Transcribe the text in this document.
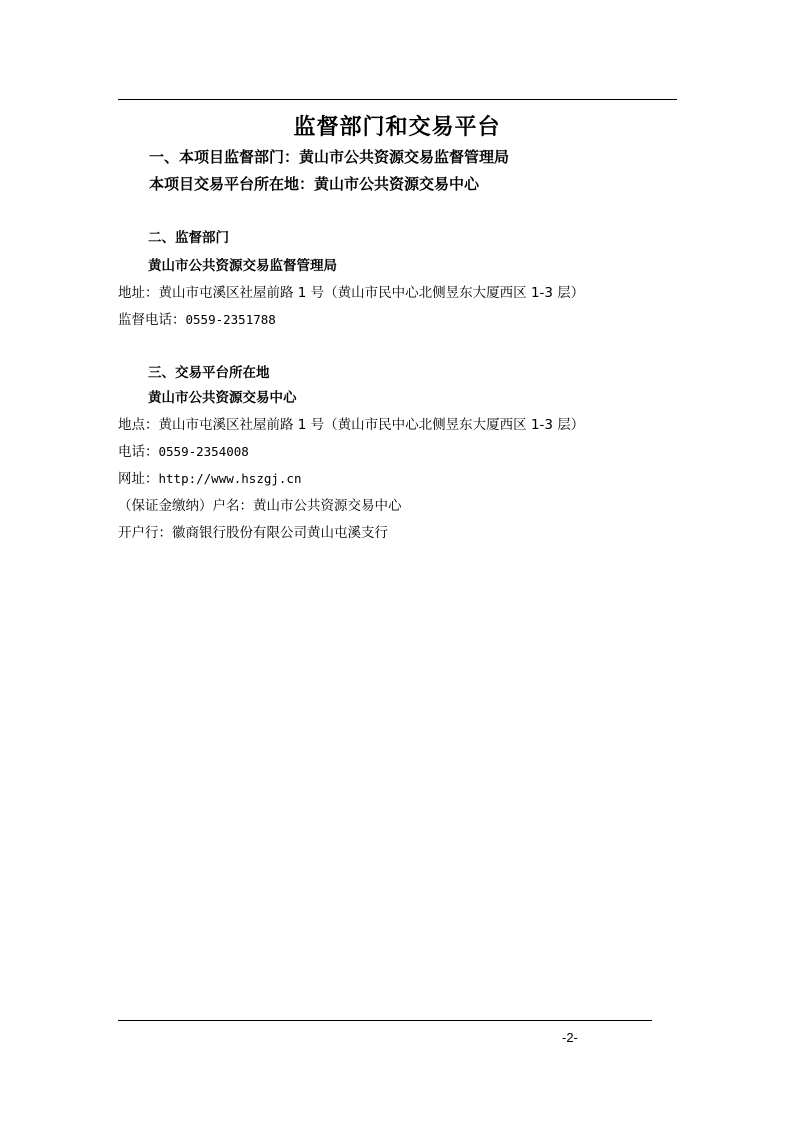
监督部门和交易平台
一、本项目监督部门：黄山市公共资源交易监督管理局
本项目交易平台所在地：黄山市公共资源交易中心
二、监督部门
黄山市公共资源交易监督管理局
地址：黄山市屯溪区社屋前路 1 号（黄山市民中心北侧昱东大厦西区 1-3 层）
监督电话：0559-2351788
三、交易平台所在地
黄山市公共资源交易中心
地点：黄山市屯溪区社屋前路 1 号（黄山市民中心北侧昱东大厦西区 1-3 层）
电话：0559-2354008
网址：http://www.hszgj.cn
（保证金缴纳）户名：黄山市公共资源交易中心
开户行：徽商银行股份有限公司黄山屯溪支行
-2-
